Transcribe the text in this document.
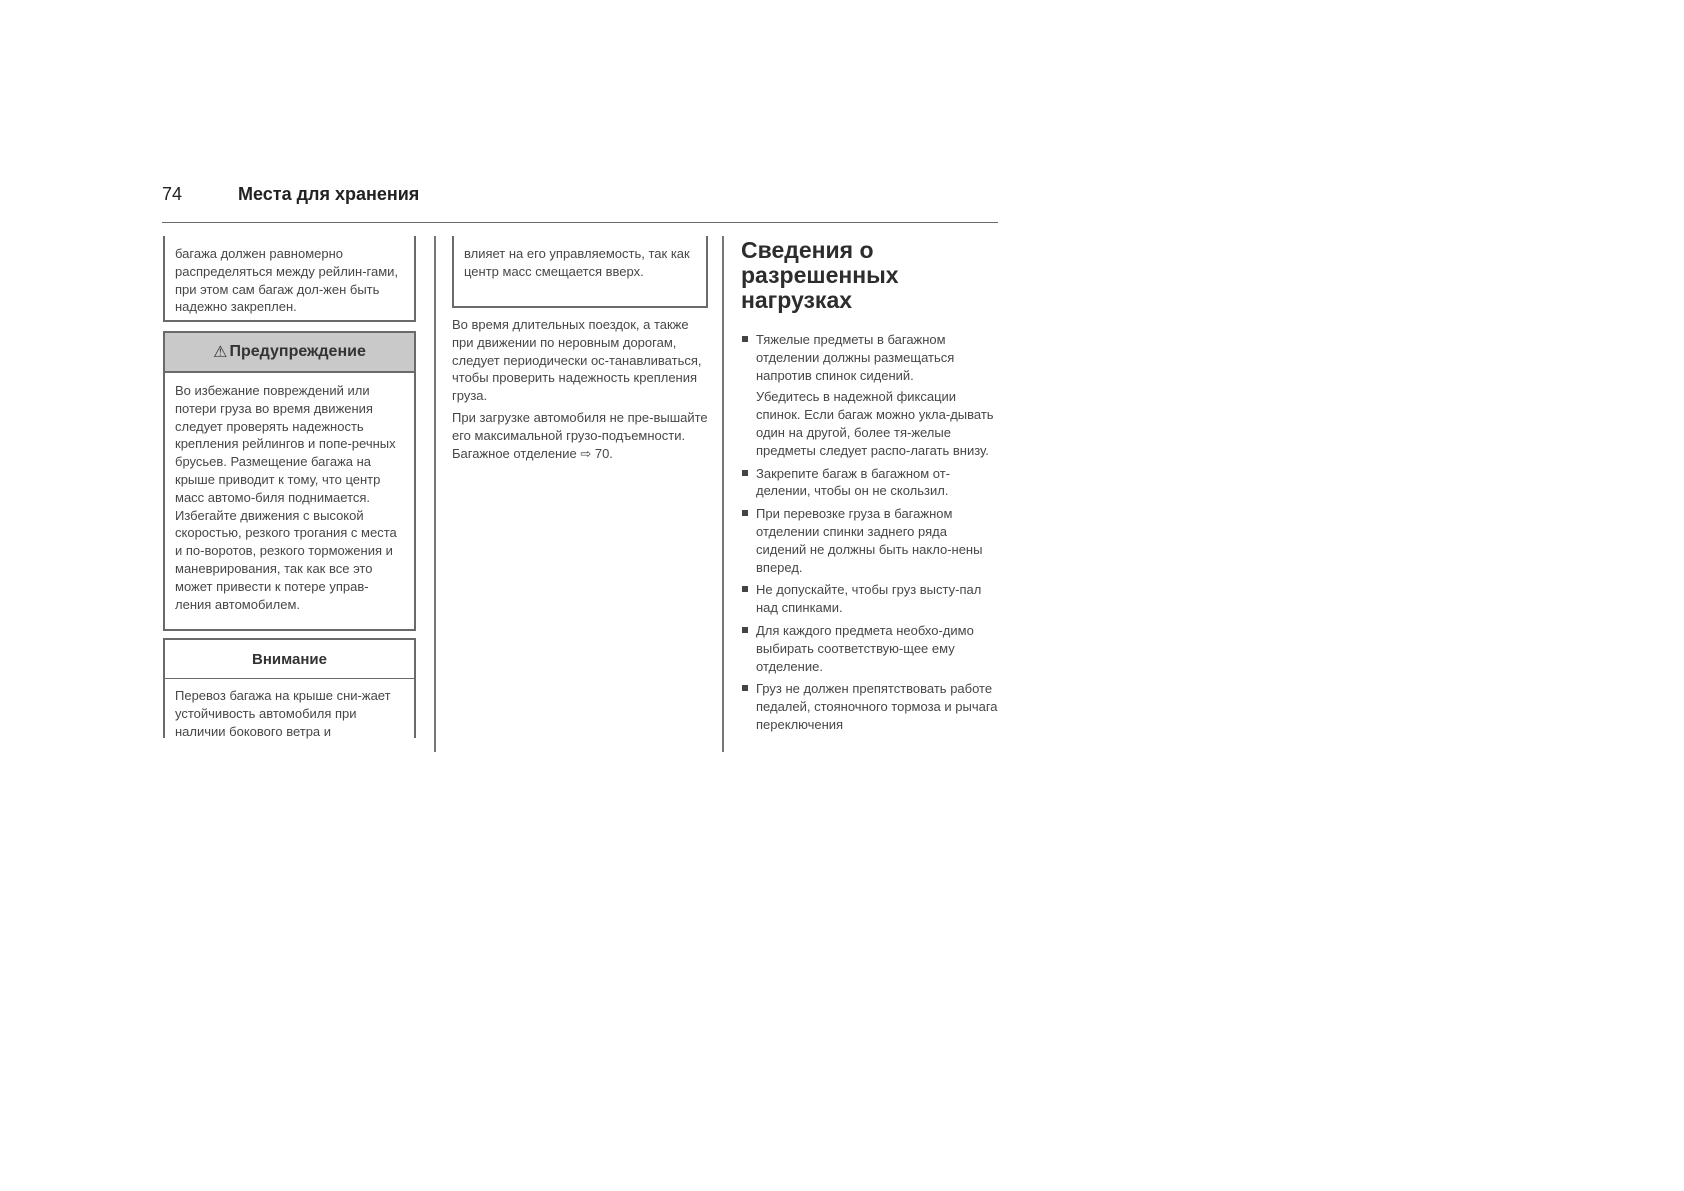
74	Места для хранения

багажа должен равномерно распределяться между рейлин-гами, при этом сам багаж дол-жен быть надежно закреплен.

⚠ Предупреждение

Во избежание повреждений или потери груза во время движения следует проверять надежность крепления рейлингов и попе-речных брусьев. Размещение багажа на крыше приводит к тому, что центр масс автомо-биля поднимается. Избегайте движения с высокой скоростью, резкого трогания с места и по-воротов, резкого торможения и маневрирования, так как все это может привести к потере управ-ления автомобилем.

Внимание

Перевоз багажа на крыше сни-жает устойчивость автомобиля при наличии бокового ветра и

влияет на его управляемость, так как центр масс смещается вверх.

Во время длительных поездок, а также при движении по неровным дорогам, следует периодически ос-танавливаться, чтобы проверить надежность крепления груза.

При загрузке автомобиля не пре-вышайте его максимальной грузо-подъемности. Багажное отделение ⇨ 70.

Сведения о разрешенных нагрузках

Тяжелые предметы в багажном отделении должны размещаться напротив спинок сидений.

Убедитесь в надежной фиксации спинок. Если багаж можно укла-дывать один на другой, более тя-желые предметы следует распо-лагать внизу.

Закрепите багаж в багажном от-делении, чтобы он не скользил.

При перевозке груза в багажном отделении спинки заднего ряда сидений не должны быть накло-нены вперед.

Не допускайте, чтобы груз высту-пал над спинками.

Для каждого предмета необхо-димо выбирать соответствую-щее ему отделение.

Груз не должен препятствовать работе педалей, стояночного тормоза и рычага переключения
